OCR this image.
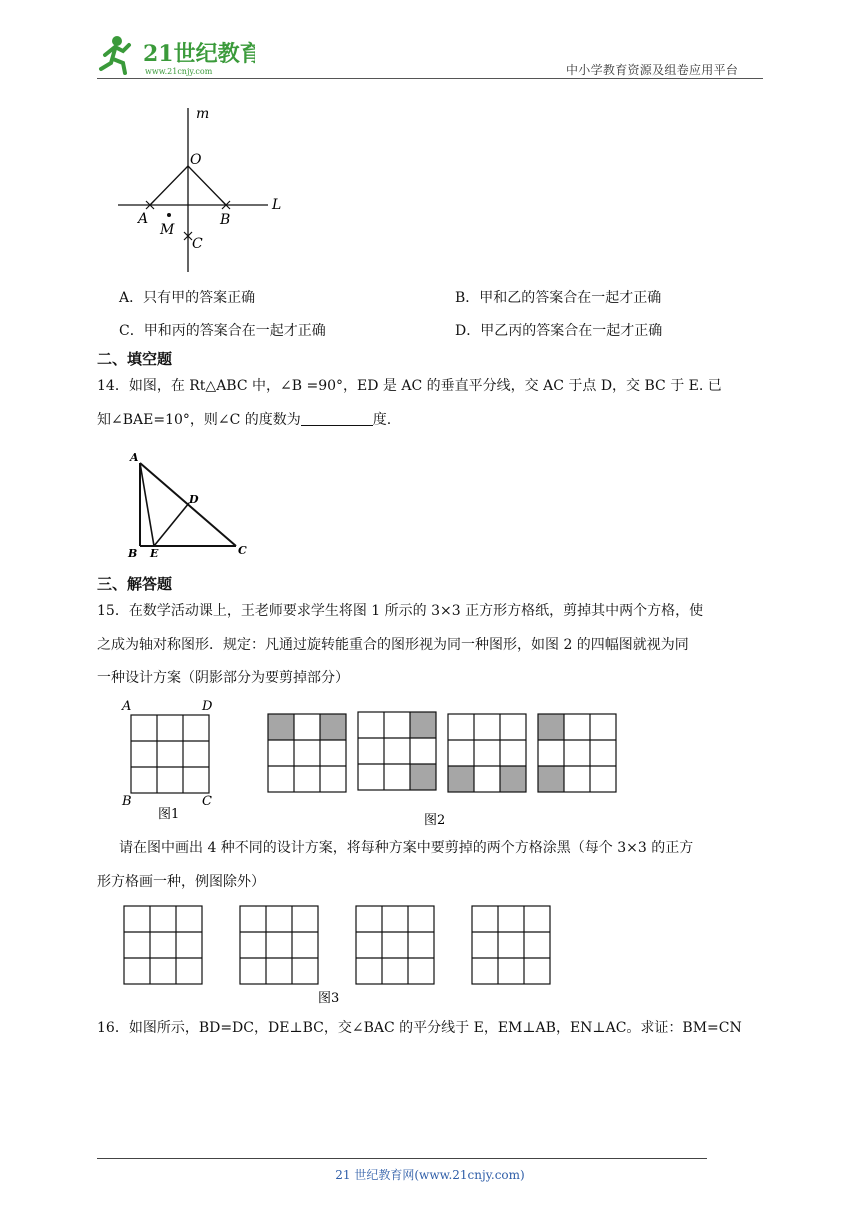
21世纪教育
www.21cnjy.com	中小学教育资源及组卷应用平台
m
O
L
A	B
M
C
A．只有甲的答案正确	B．甲和乙的答案合在一起才正确
C．甲和丙的答案合在一起才正确	D．甲乙丙的答案合在一起才正确
二、填空题
14．如图，在 Rt△ABC 中，∠B =90°，ED 是 AC 的垂直平分线，交 AC 于点 D，交 BC 于 E. 已
知∠BAE=10°，则∠C 的度数为	度.
A
B E
D
C
三、解答题
15．在数学活动课上，王老师要求学生将图 1 所示的 3×3 正方形方格纸，剪掉其中两个方格，使
之成为轴对称图形．规定：凡通过旋转能重合的图形视为同一种图形，如图 2 的四幅图就视为同
一种设计方案（阴影部分为要剪掉部分）
A	D
B	C
图1	图2
请在图中画出 4 种不同的设计方案，将每种方案中要剪掉的两个方格涂黑（每个 3×3 的正方
形方格画一种，例图除外）
图3
16．如图所示，BD=DC，DE⊥BC，交∠BAC 的平分线于 E，EM⊥AB，EN⊥AC。求证：BM=CN
21 世纪教育网(www.21cnjy.com)
